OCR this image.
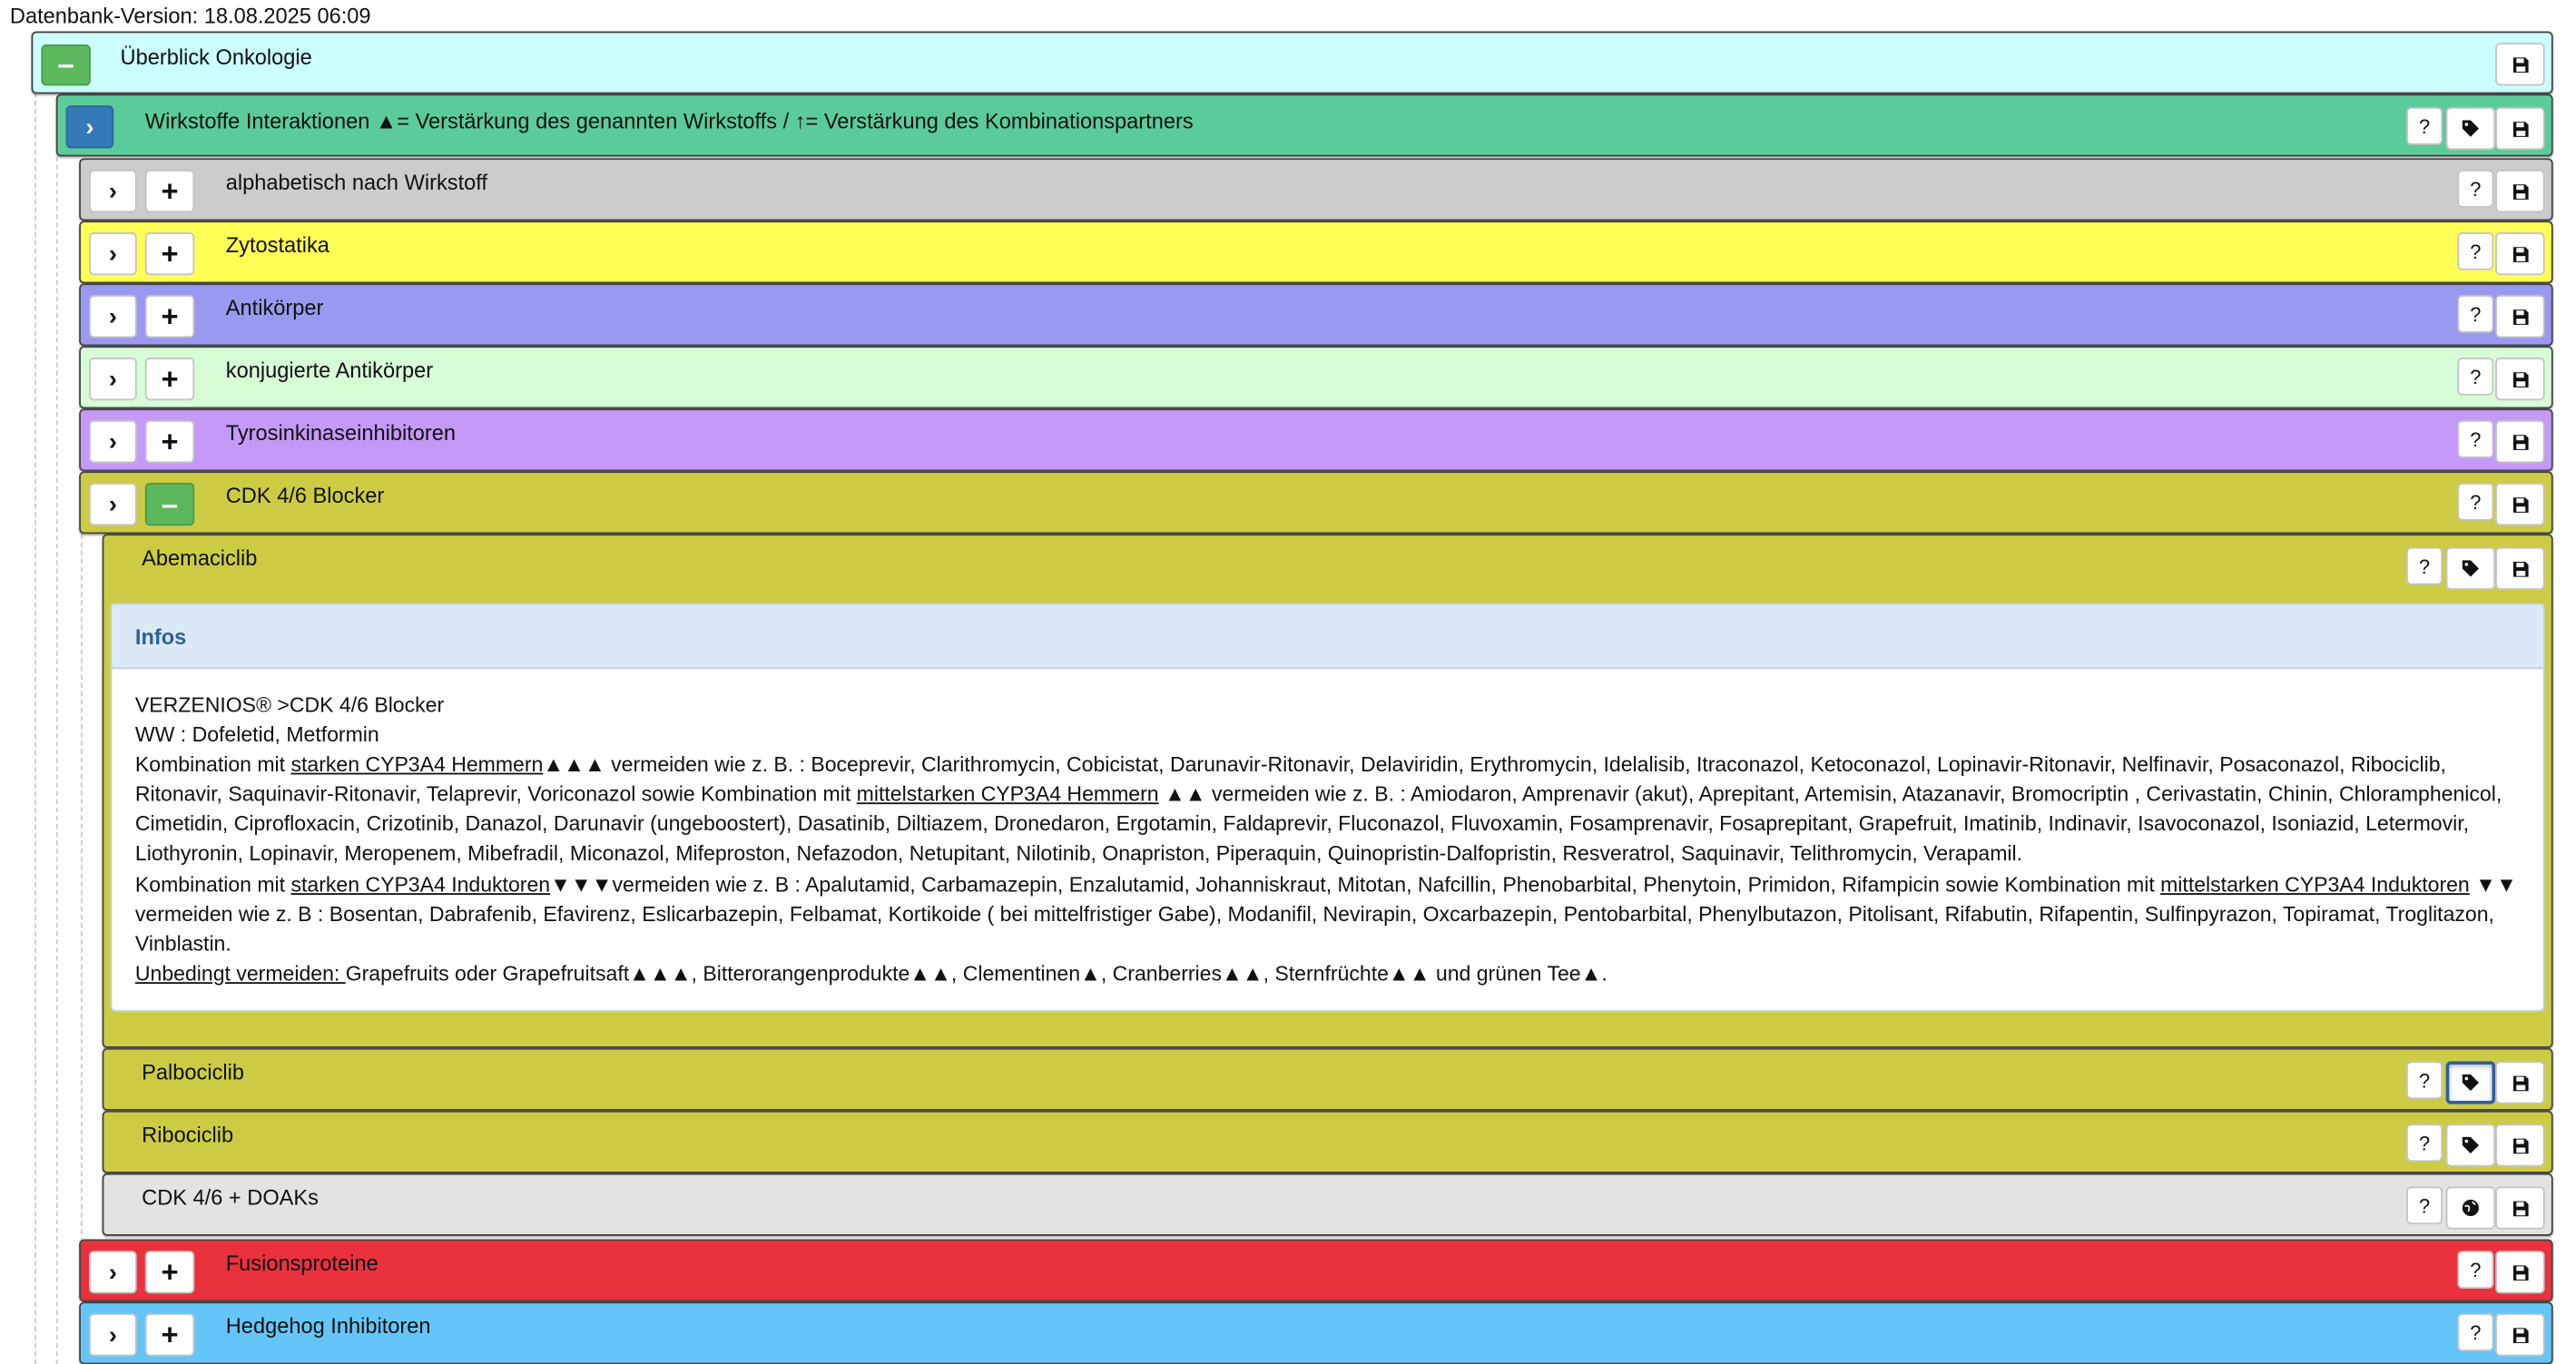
Datenbank-Version: 18.08.2025 06:09
–	Überblick Onkologie
›	Wirkstoffe Interaktionen ▲= Verstärkung des genannten Wirkstoffs / ↑= Verstärkung des Kombinationspartners	?
›	+	alphabetisch nach Wirkstoff	?
›	+	Zytostatika	?
›	+	Antikörper	?
›	+	konjugierte Antikörper	?
›	+	Tyrosinkinaseinhibitoren	?
›	–	CDK 4/6 Blocker	?
›	+	Fusionsproteine	?
›	+	Hedgehog Inhibitoren	?
Abemaciclib	?
Palbociclib	?
Ribociclib	?
CDK 4/6 + DOAKs	?
Infos

VERZENIOS® >CDK 4/6 Blocker

WW : Dofeletid, Metformin

Kombination mit starken CYP3A4 Hemmern▲▲▲ vermeiden wie z. B. : Boceprevir, Clarithromycin, Cobicistat, Darunavir-Ritonavir, Delaviridin, Erythromycin, Idelalisib, Itraconazol, Ketoconazol, Lopinavir-Ritonavir, Nelfinavir, Posaconazol, Ribociclib, Ritonavir, Saquinavir-Ritonavir, Telaprevir, Voriconazol sowie Kombination mit mittelstarken CYP3A4 Hemmern ▲▲ vermeiden wie z. B. : Amiodaron, Amprenavir (akut), Aprepitant, Artemisin, Atazanavir, Bromocriptin , Cerivastatin, Chinin, Chloramphenicol, Cimetidin, Ciprofloxacin, Crizotinib, Danazol, Darunavir (ungeboostert), Dasatinib, Diltiazem, Dronedaron, Ergotamin, Faldaprevir, Fluconazol, Fluvoxamin, Fosamprenavir, Fosaprepitant, Grapefruit, Imatinib, Indinavir, Isavoconazol, Isoniazid, Letermovir, Liothyronin, Lopinavir, Meropenem, Mibefradil, Miconazol, Mifeproston, Nefazodon, Netupitant, Nilotinib, Onapriston, Piperaquin, Quinopristin-Dalfopristin, Resveratrol, Saquinavir, Telithromycin, Verapamil.

Kombination mit starken CYP3A4 Induktoren▼▼▼vermeiden wie z. B : Apalutamid, Carbamazepin, Enzalutamid, Johanniskraut, Mitotan, Nafcillin, Phenobarbital, Phenytoin, Primidon, Rifampicin sowie Kombination mit mittelstarken CYP3A4 Induktoren ▼▼ vermeiden wie z. B : Bosentan, Dabrafenib, Efavirenz, Eslicarbazepin, Felbamat, Kortikoide ( bei mittelfristiger Gabe), Modanifil, Nevirapin, Oxcarbazepin, Pentobarbital, Phenylbutazon, Pitolisant, Rifabutin, Rifapentin, Sulfinpyrazon, Topiramat, Troglitazon, Vinblastin.

Unbedingt vermeiden: Grapefruits oder Grapefruitsaft▲▲▲, Bitterorangenprodukte▲▲, Clementinen▲, Cranberries▲▲, Sternfrüchte▲▲ und grünen Tee▲.
